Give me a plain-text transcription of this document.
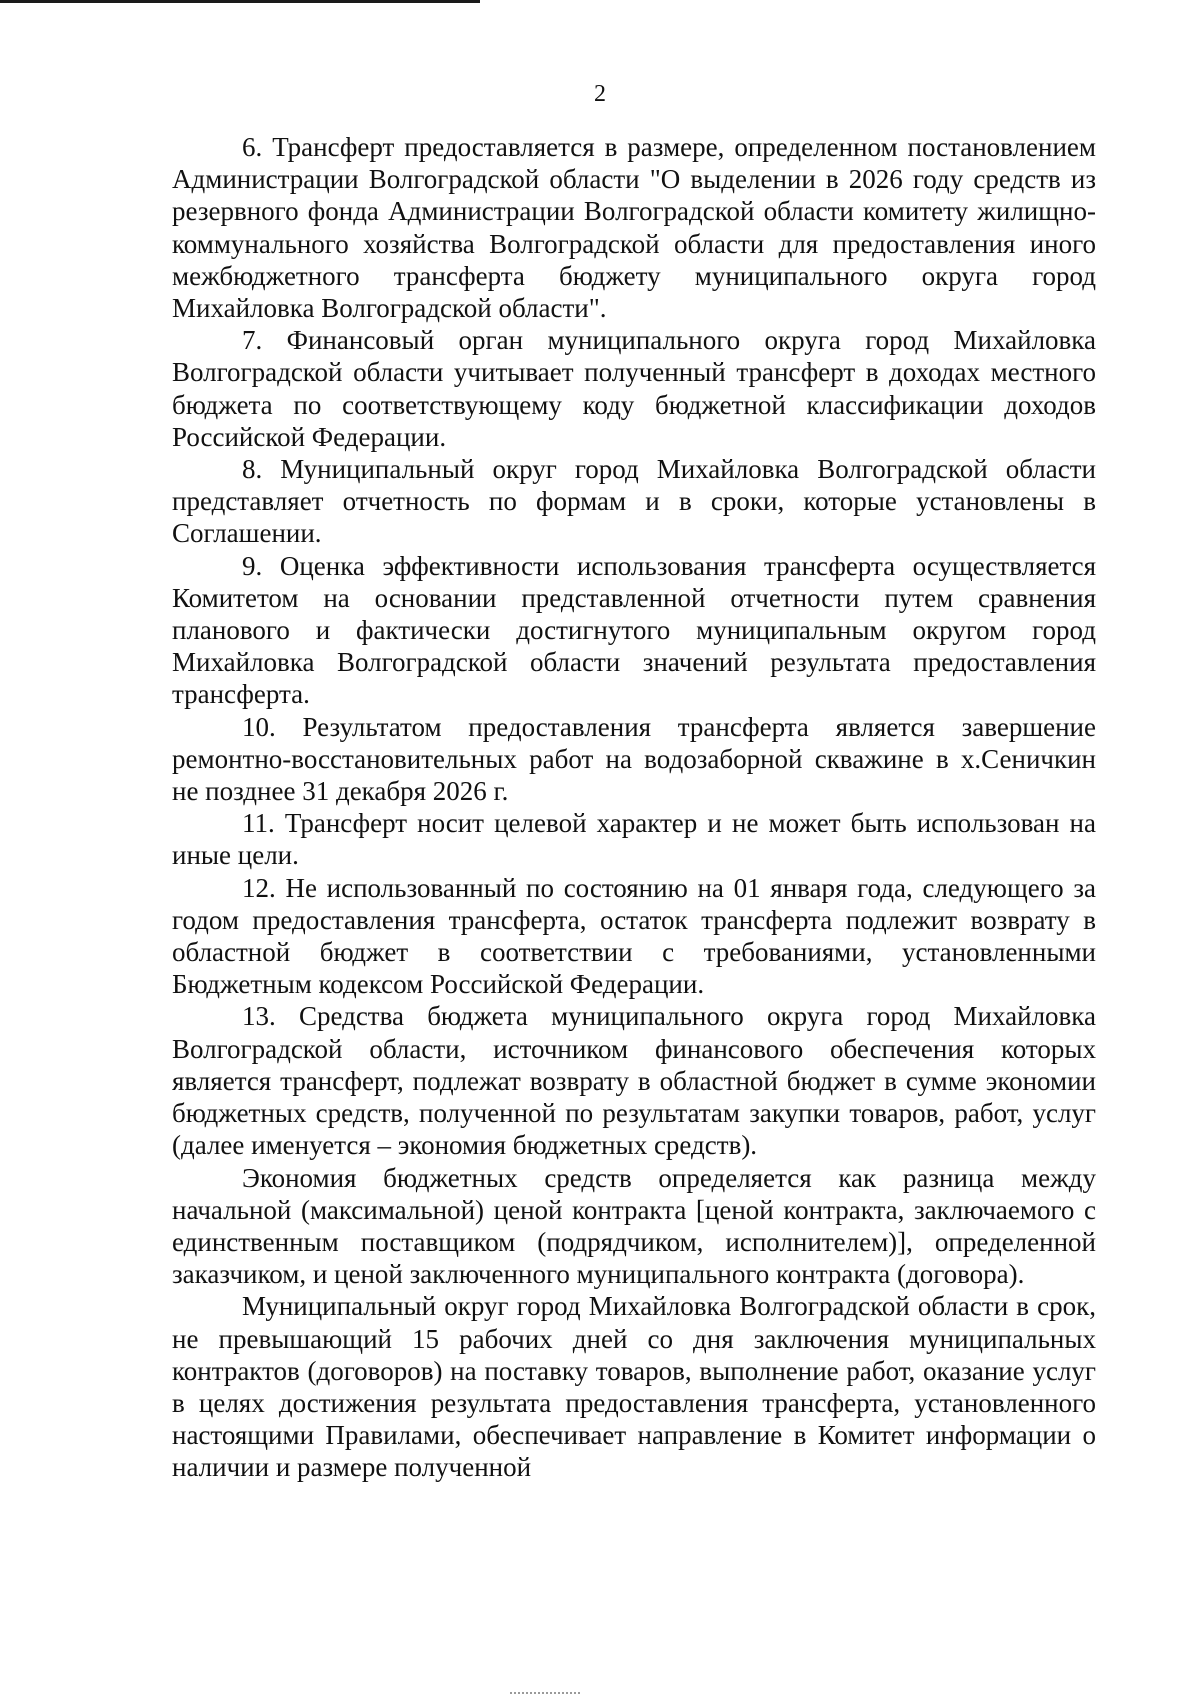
2

6. Трансферт предоставляется в размере, определенном постановлением Администрации Волгоградской области "О выделении в 2026 году средств из резервного фонда Администрации Волгоградской области комитету жилищно-коммунального хозяйства Волгоградской области для предоставления иного межбюджетного трансферта бюджету муниципального округа город Михайловка Волгоградской области".

7. Финансовый орган муниципального округа город Михайловка Волгоградской области учитывает полученный трансферт в доходах местного бюджета по соответствующему коду бюджетной классификации доходов Российской Федерации.

8. Муниципальный округ город Михайловка Волгоградской области представляет отчетность по формам и в сроки, которые установлены в Соглашении.

9. Оценка эффективности использования трансферта осуществляется Комитетом на основании представленной отчетности путем сравнения планового и фактически достигнутого муниципальным округом город Михайловка Волгоградской области значений результата предоставления трансферта.

10. Результатом предоставления трансферта является завершение ремонтно-восстановительных работ на водозаборной скважине в х.Сеничкин не позднее 31 декабря 2026 г.

11. Трансферт носит целевой характер и не может быть использован на иные цели.

12. Не использованный по состоянию на 01 января года, следующего за годом предоставления трансферта, остаток трансферта подлежит возврату в областной бюджет в соответствии с требованиями, установленными Бюджетным кодексом Российской Федерации.

13. Средства бюджета муниципального округа город Михайловка Волгоградской области, источником финансового обеспечения которых является трансферт, подлежат возврату в областной бюджет в сумме экономии бюджетных средств, полученной по результатам закупки товаров, работ, услуг (далее именуется – экономия бюджетных средств).

Экономия бюджетных средств определяется как разница между начальной (максимальной) ценой контракта [ценой контракта, заключаемого с единственным поставщиком (подрядчиком, исполнителем)], определенной заказчиком, и ценой заключенного муниципального контракта (договора).

Муниципальный округ город Михайловка Волгоградской области в срок, не превышающий 15 рабочих дней со дня заключения муниципальных контрактов (договоров) на поставку товаров, выполнение работ, оказание услуг в целях достижения результата предоставления трансферта, установленного настоящими Правилами, обеспечивает направление в Комитет информации о наличии и размере полученной
